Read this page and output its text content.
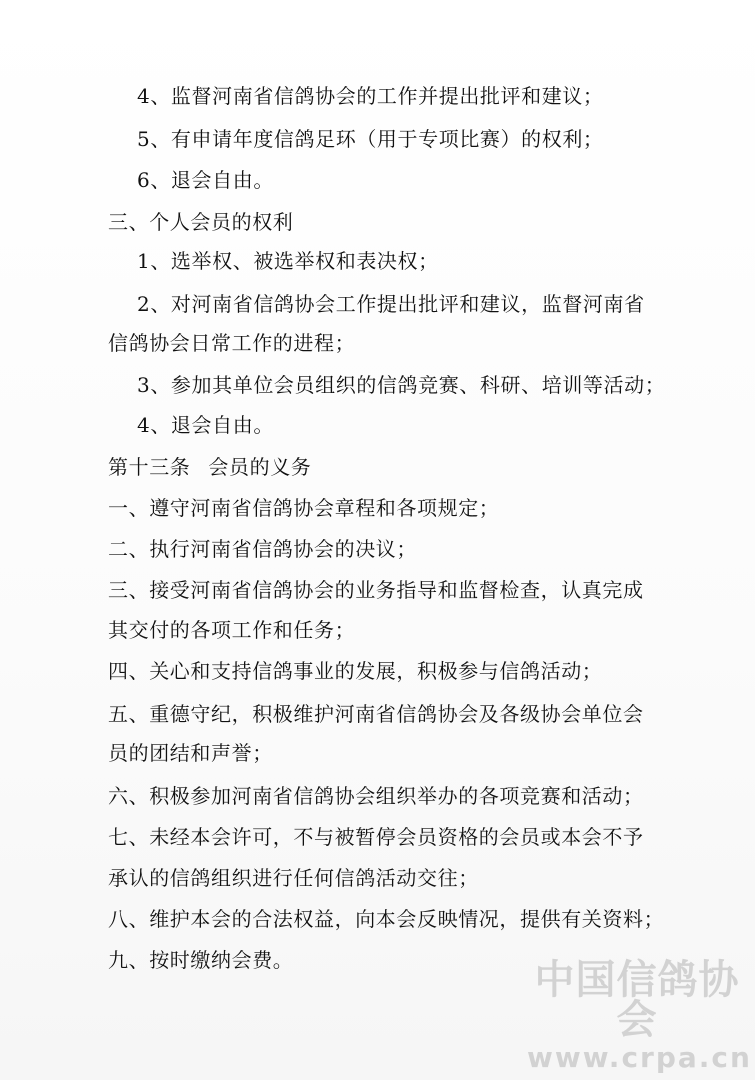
4、监督河南省信鸽协会的工作并提出批评和建议；
5、有申请年度信鸽足环（用于专项比赛）的权利；
6、退会自由。
三、个人会员的权利
1、选举权、被选举权和表决权；
2、对河南省信鸽协会工作提出批评和建议，监督河南省
信鸽协会日常工作的进程；
3、参加其单位会员组织的信鸽竞赛、科研、培训等活动；
4、退会自由。
第十三条 会员的义务
一、遵守河南省信鸽协会章程和各项规定；
二、执行河南省信鸽协会的决议；
三、接受河南省信鸽协会的业务指导和监督检查，认真完成
其交付的各项工作和任务；
四、关心和支持信鸽事业的发展，积极参与信鸽活动；
五、重德守纪，积极维护河南省信鸽协会及各级协会单位会
员的团结和声誉；
六、积极参加河南省信鸽协会组织举办的各项竞赛和活动；
七、未经本会许可，不与被暂停会员资格的会员或本会不予
承认的信鸽组织进行任何信鸽活动交往；
八、维护本会的合法权益，向本会反映情况，提供有关资料；
九、按时缴纳会费。	中国信鸽协会
www.crpa.cn
